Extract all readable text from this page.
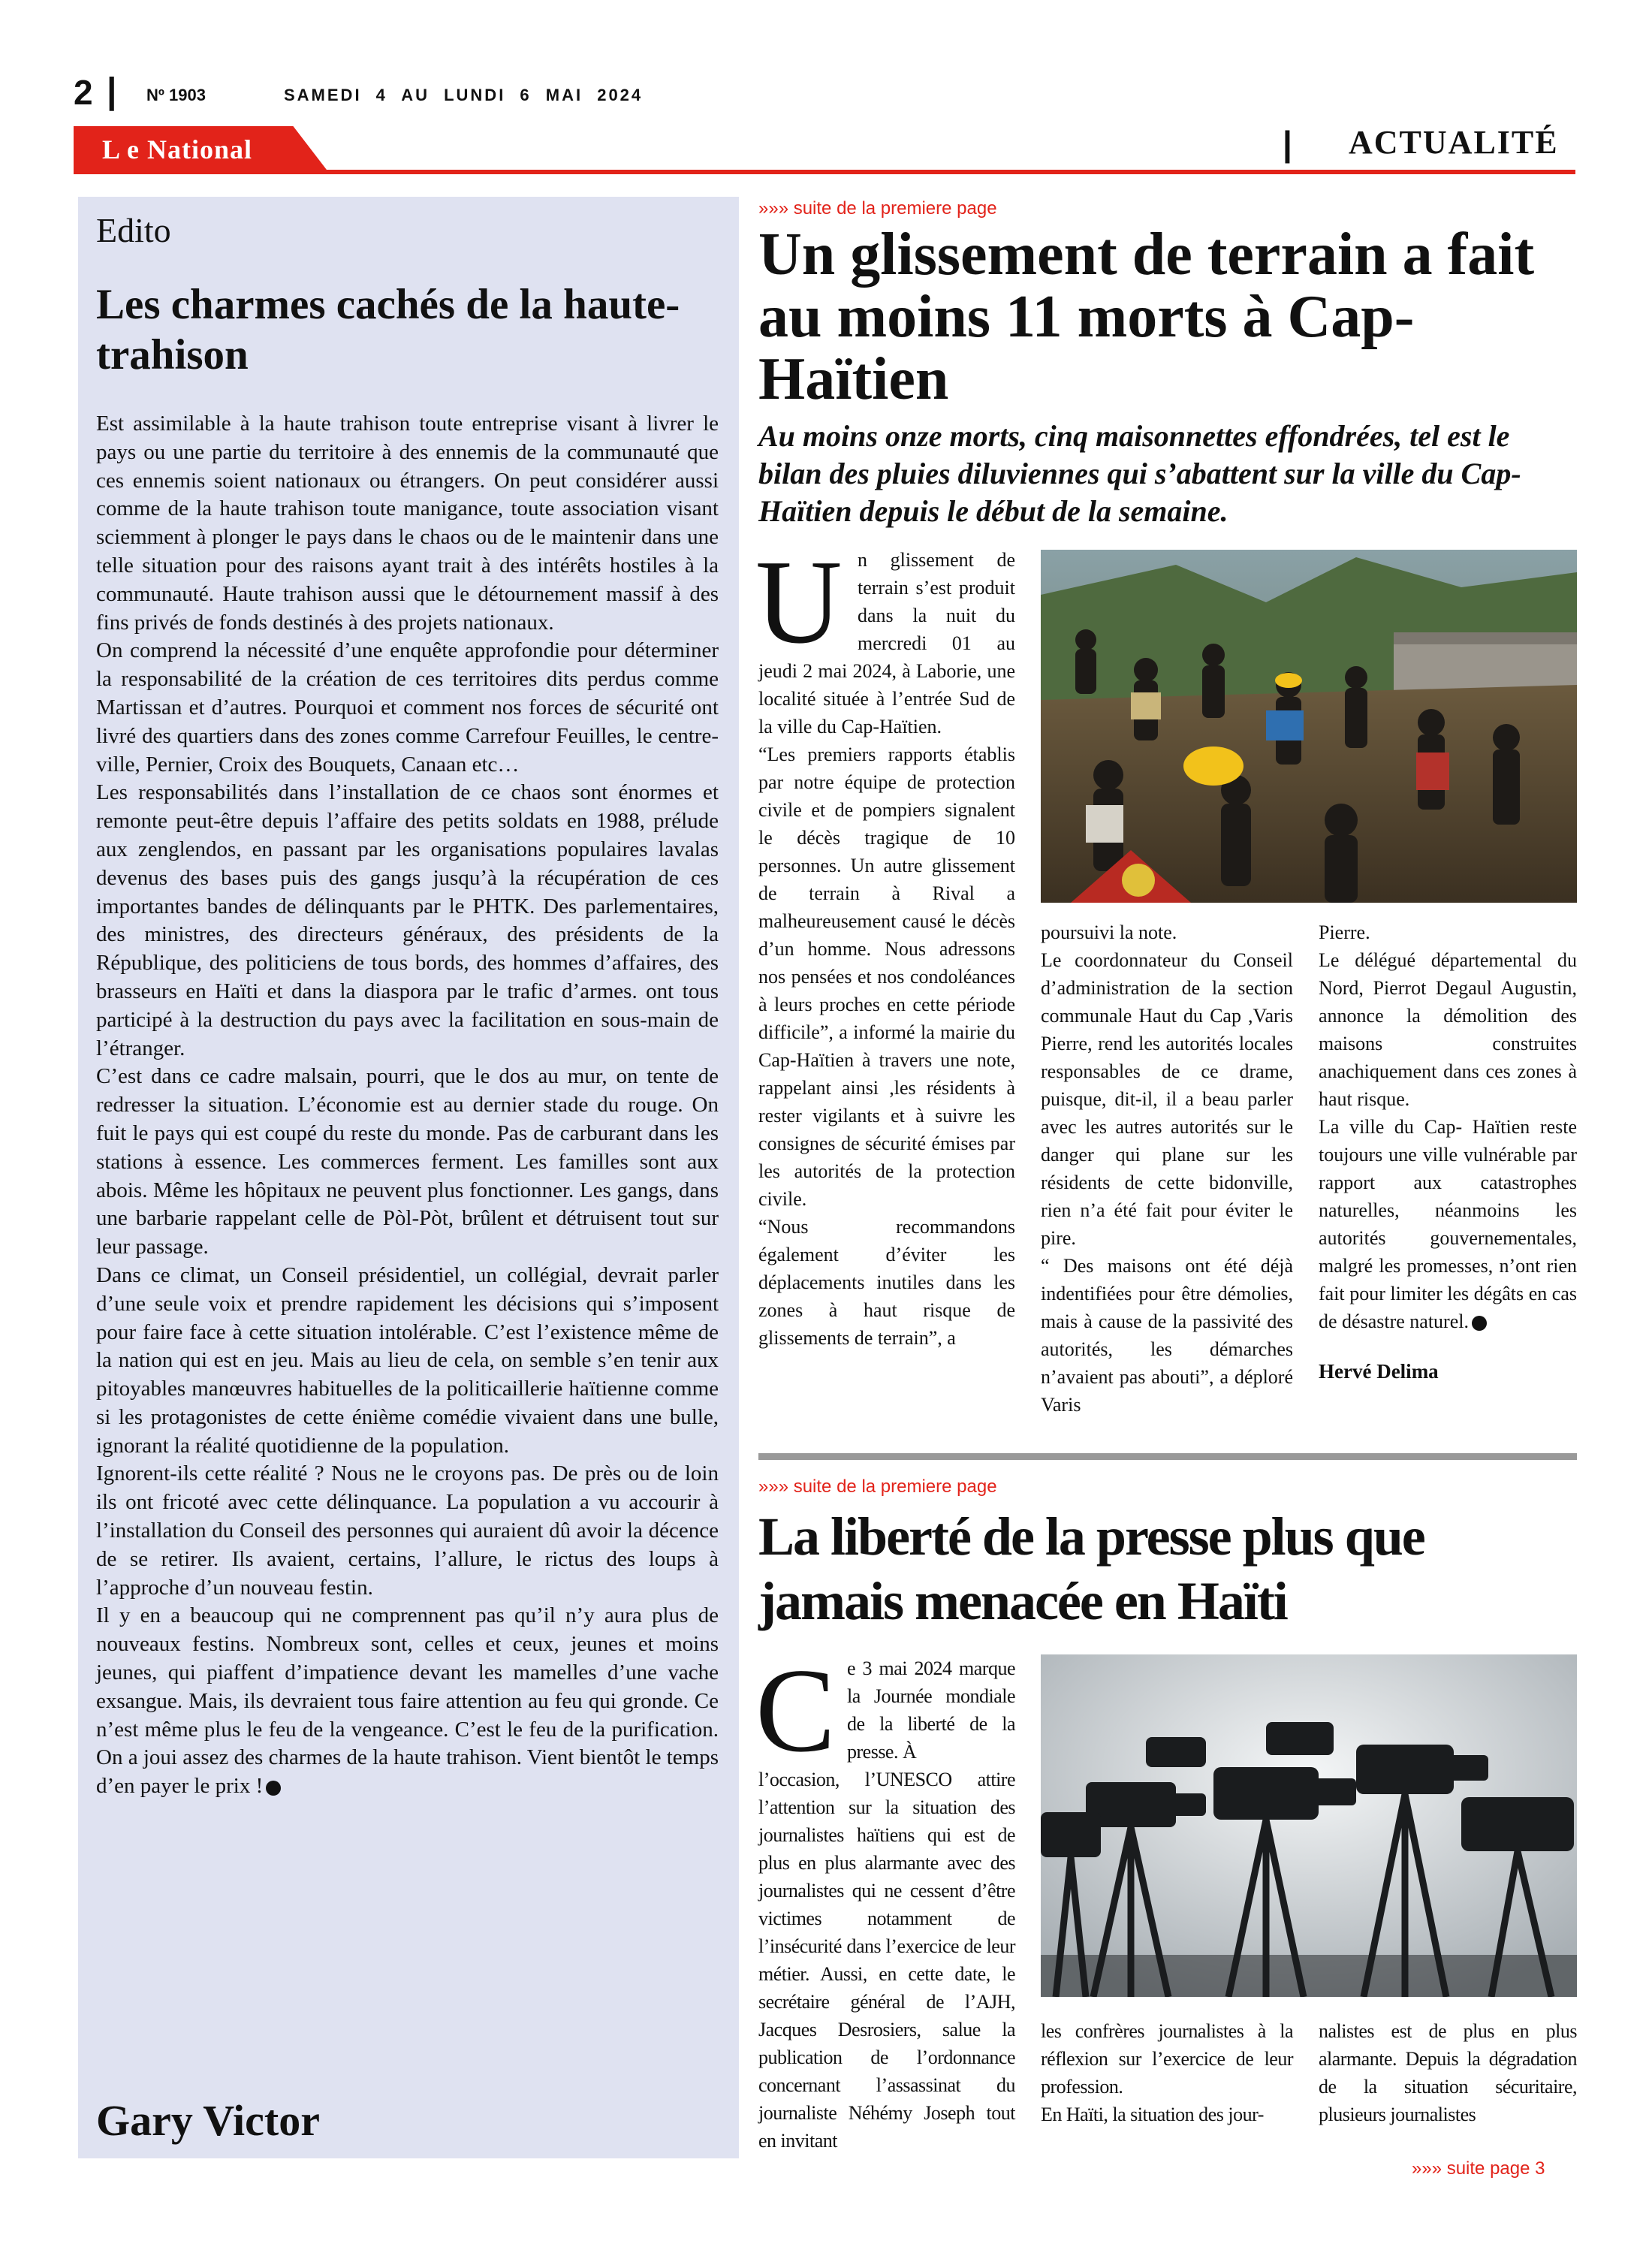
2 | Nº 1903	SAMEDI 4 AU LUNDI 6 MAI 2024
L e National	| ACTUALITÉ
Edito
Les charmes cachés de la haute-trahison

Est assimilable à la haute trahison toute entreprise visant à livrer le pays ou une partie du territoire à des ennemis de la communauté que ces ennemis soient nationaux ou étrangers. On peut considérer aussi comme de la haute trahison toute manigance, toute association visant sciemment à plonger le pays dans le chaos ou de le maintenir dans une telle situation pour des raisons ayant trait à des intérêts hostiles à la communauté. Haute trahison aussi que le détournement massif à des fins privés de fonds destinés à des projets nationaux.

On comprend la nécessité d’une enquête approfondie pour déterminer la responsabilité de la création de ces territoires dits perdus comme Martissan et d’autres. Pourquoi et comment nos forces de sécurité ont livré des quartiers dans des zones comme Carrefour Feuilles, le centre-ville, Pernier, Croix des Bouquets, Canaan etc…

Les responsabilités dans l’installation de ce chaos sont énormes et remonte peut-être depuis l’affaire des petits soldats en 1988, prélude aux zenglendos, en passant par les organisations populaires lavalas devenus des bases puis des gangs jusqu’à la récupération de ces importantes bandes de délinquants par le PHTK. Des parlementaires, des ministres, des directeurs généraux, des présidents de la République, des politiciens de tous bords, des hommes d’affaires, des brasseurs en Haïti et dans la diaspora par le trafic d’armes. ont tous participé à la destruction du pays avec la facilitation en sous-main de l’étranger.

C’est dans ce cadre malsain, pourri, que le dos au mur, on tente de redresser la situation. L’économie est au dernier stade du rouge. On fuit le pays qui est coupé du reste du monde. Pas de carburant dans les stations à essence. Les commerces ferment. Les familles sont aux abois. Même les hôpitaux ne peuvent plus fonctionner. Les gangs, dans une barbarie rappelant celle de Pòl-Pòt, brûlent et détruisent tout sur leur passage.

Dans ce climat, un Conseil présidentiel, un collégial, devrait parler d’une seule voix et prendre rapidement les décisions qui s’imposent pour faire face à cette situation intolérable. C’est l’existence même de la nation qui est en jeu. Mais au lieu de cela, on semble s’en tenir aux pitoyables manœuvres habituelles de la politicaillerie haïtienne comme si les protagonistes de cette énième comédie vivaient dans une bulle, ignorant la réalité quotidienne de la population.

Ignorent-ils cette réalité ? Nous ne le croyons pas. De près ou de loin ils ont fricoté avec cette délinquance. La population a vu accourir à l’installation du Conseil des personnes qui auraient dû avoir la décence de se retirer. Ils avaient, certains, l’allure, le rictus des loups à l’approche d’un nouveau festin.

Il y en a beaucoup qui ne comprennent pas qu’il n’y aura plus de nouveaux festins. Nombreux sont, celles et ceux, jeunes et moins jeunes, qui piaffent d’impatience devant les mamelles d’une vache exsangue. Mais, ils devraient tous faire attention au feu qui gronde. Ce n’est même plus le feu de la vengeance. C’est le feu de la purification. On a joui assez des charmes de la haute trahison. Vient bientôt le temps d’en payer le prix !

Gary Victor
»»» suite de la premiere page
Un glissement de terrain a fait au moins 11 morts à Cap-Haïtien
Au moins onze morts, cinq maisonnettes effondrées, tel est le bilan des pluies diluviennes qui s’abattent sur la ville du Cap- Haïtien depuis le début de la semaine.
U n glissement de terrain s’est produit dans la nuit du mercredi 01 au jeudi 2 mai 2024, à Laborie, une localité située à l’entrée Sud de la ville du Cap-Haïtien.

“Les premiers rapports établis par notre équipe de protection civile et de pompiers signalent le décès tragique de 10 personnes. Un autre glissement de terrain à Rival a malheureusement causé le décès d’un homme. Nous adressons nos pensées et nos condoléances à leurs proches en cette période difficile”, a informé la mairie du Cap-Haïtien à travers une note, rappelant ainsi ,les résidents à rester vigilants et à suivre les consignes de sécurité émises par les autorités de la protection civile.

“Nous recommandons également d’éviter les déplacements inutiles dans les zones à haut risque de glissements de terrain”, a

poursuivi la note.

Le coordonnateur du Conseil d’administration de la section communale Haut du Cap ,Varis Pierre, rend les autorités locales responsables de ce drame, puisque, dit-il, il a beau parler avec les autres autorités sur le danger qui plane sur les résidents de cette bidonville, rien n’a été fait pour éviter le pire.

“ Des maisons ont été déjà indentifiées pour être démolies, mais à cause de la passivité des autorités, les démarches n’avaient pas abouti”, a déploré Varis

Pierre.

Le délégué départemental du Nord, Pierrot Degaul Augustin, annonce la démolition des maisons construites anachiquement dans ces zones à haut risque.

La ville du Cap- Haïtien reste toujours une ville vulnérable par rapport aux catastrophes naturelles, néanmoins les autorités gouvernementales, malgré les promesses, n’ont rien fait pour limiter les dégâts en cas de désastre naturel.

Hervé Delima

»»» suite de la premiere page
La liberté de la presse plus que jamais menacée en Haïti
C e 3 mai 2024 marque la Journée mondiale de la liberté de la presse. À

l’occasion, l’UNESCO attire l’attention sur la situation des journalistes haïtiens qui est de plus en plus alarmante avec des journalistes qui ne cessent d’être victimes notamment de l’insécurité dans l’exercice de leur métier. Aussi, en cette date, le secrétaire général de l’AJH, Jacques Desrosiers, salue la publication de l’ordonnance concernant l’assassinat du journaliste Néhémy Joseph tout en invitant

les confrères journalistes à la réflexion sur l’exercice de leur profession.

En Haïti, la situation des jour-

nalistes est de plus en plus alarmante. Depuis la dégradation de la situation sécuritaire, plusieurs journalistes

»»» suite page 3
